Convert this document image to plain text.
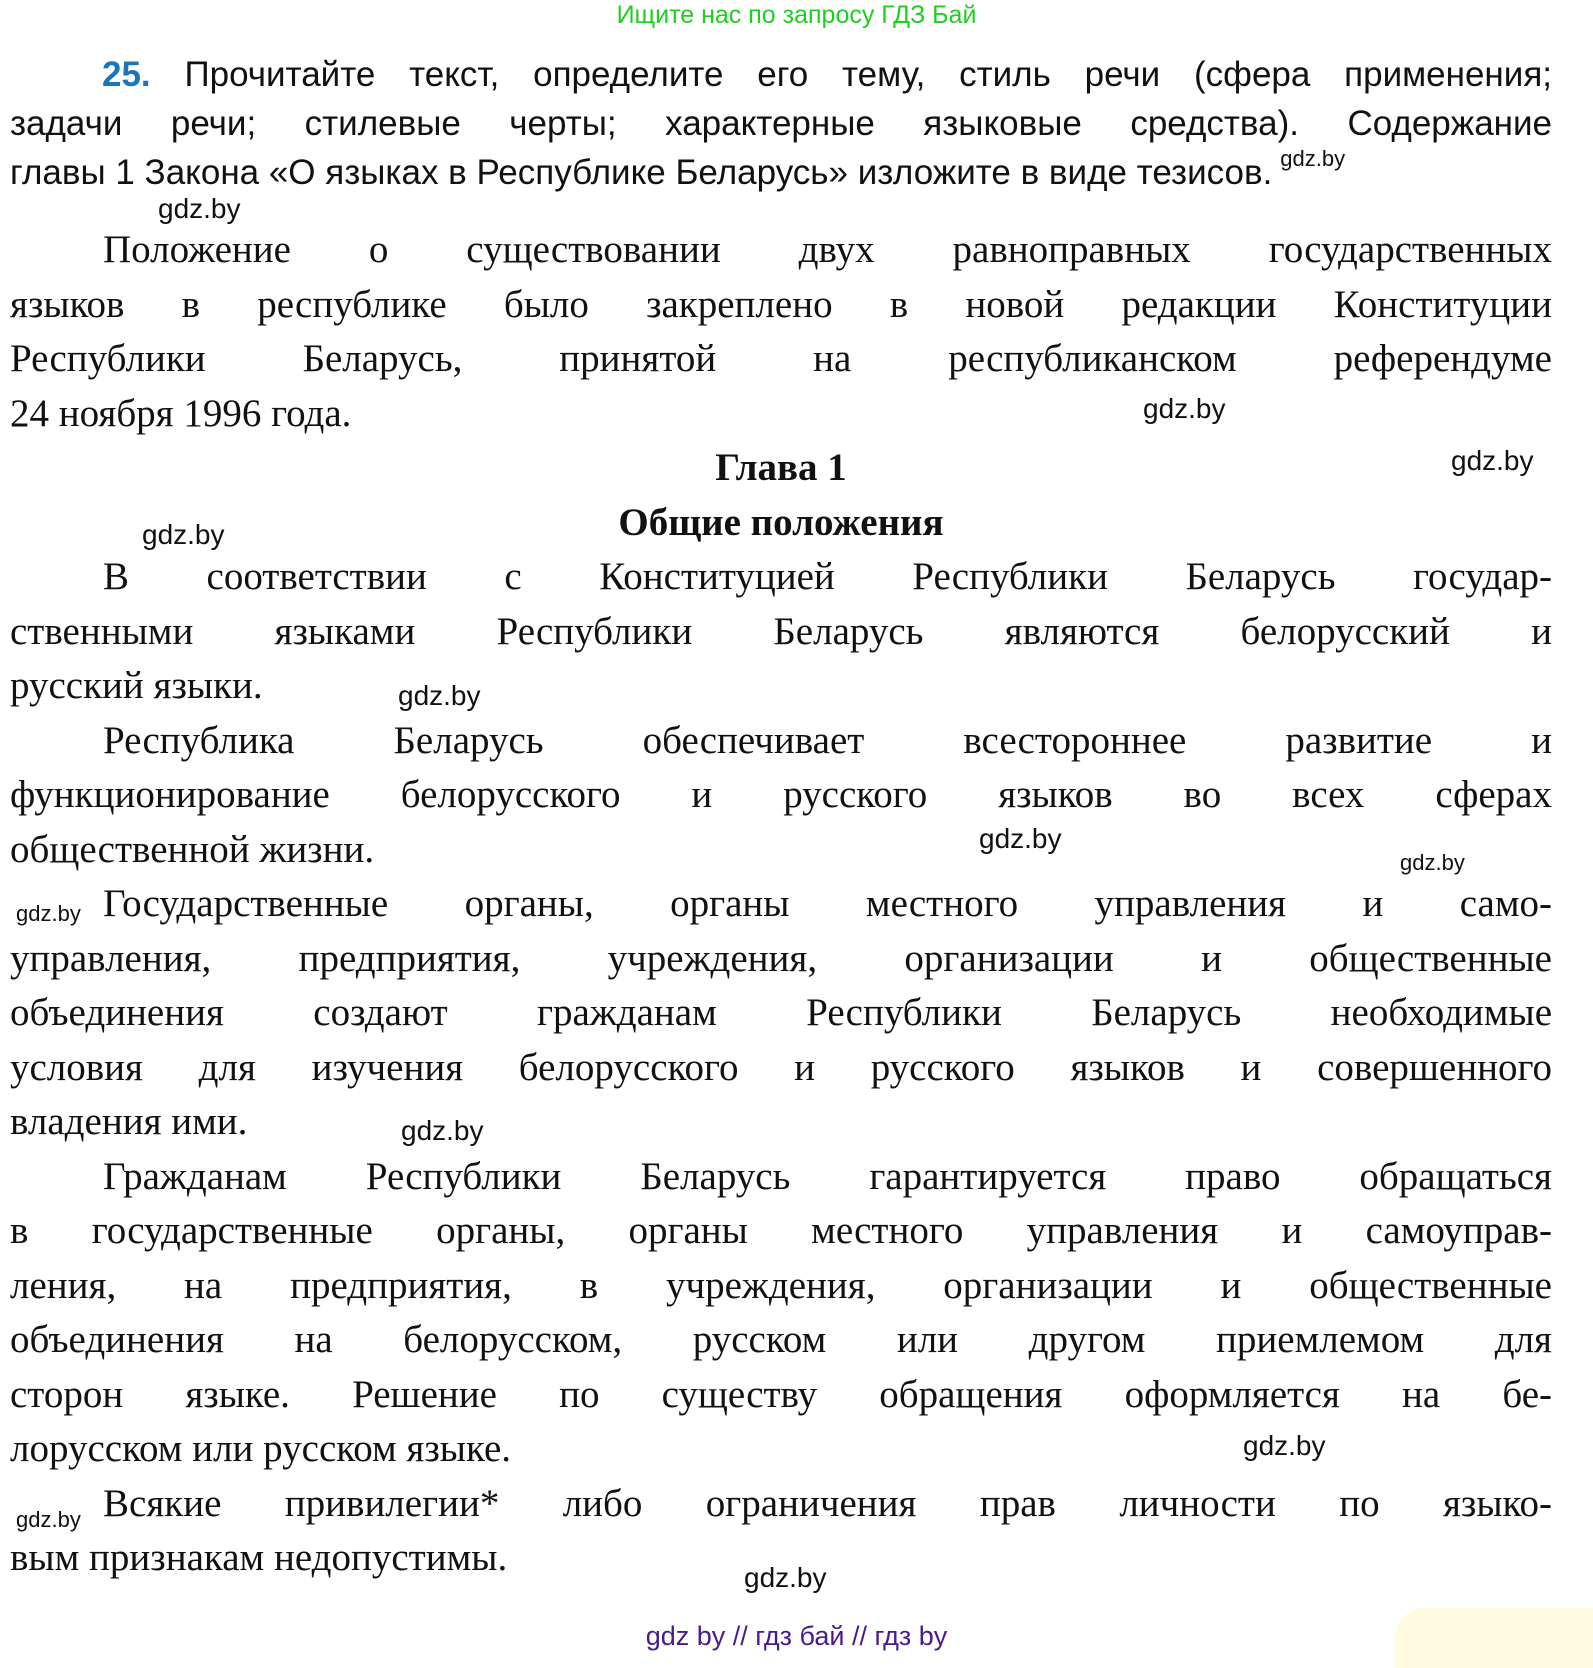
Ищите нас по запросу ГДЗ Бай
25. Прочитайте текст, определите его тему, стиль речи (сфера применения;
задачи речи; стилевые черты; характерные языковые средства). Содержание
главы 1 Закона «О языках в Республике Беларусь» изложите в виде тезисов. $^{gdz.by}$
Положение о существовании двух равноправных государственных
языков в республике было закреплено в новой редакции Конституции
Республики Беларусь, принятой на республиканском референдуме
24 ноября 1996 года.
Глава 1
Общие положения
В соответствии с Конституцией Республики Беларусь государ-
ственными языками Республики Беларусь являются белорусский и
русский языки.
Республика Беларусь обеспечивает всестороннее развитие и
функционирование белорусского и русского языков во всех сферах
общественной жизни.
Государственные органы, органы местного управления и само-
управления, предприятия, учреждения, организации и общественные
объединения создают гражданам Республики Беларусь необходимые
условия для изучения белорусского и русского языков и совершенного
владения ими.
Гражданам Республики Беларусь гарантируется право обращаться
в государственные органы, органы местного управления и самоуправ-
ления, на предприятия, в учреждения, организации и общественные
объединения на белорусском, русском или другом приемлемом для
сторон языке. Решение по существу обращения оформляется на бе-
лорусском или русском языке.
Всякие привилегии* либо ограничения прав личности по языко-
вым признакам недопустимы.
gdz.by
gdz.by
gdz.by
gdz.by
gdz.by
gdz.by
gdz.by
gdz.by
gdz.by
gdz.by
gdz.by
gdz.by
gdz by // гдз бай // гдз by
